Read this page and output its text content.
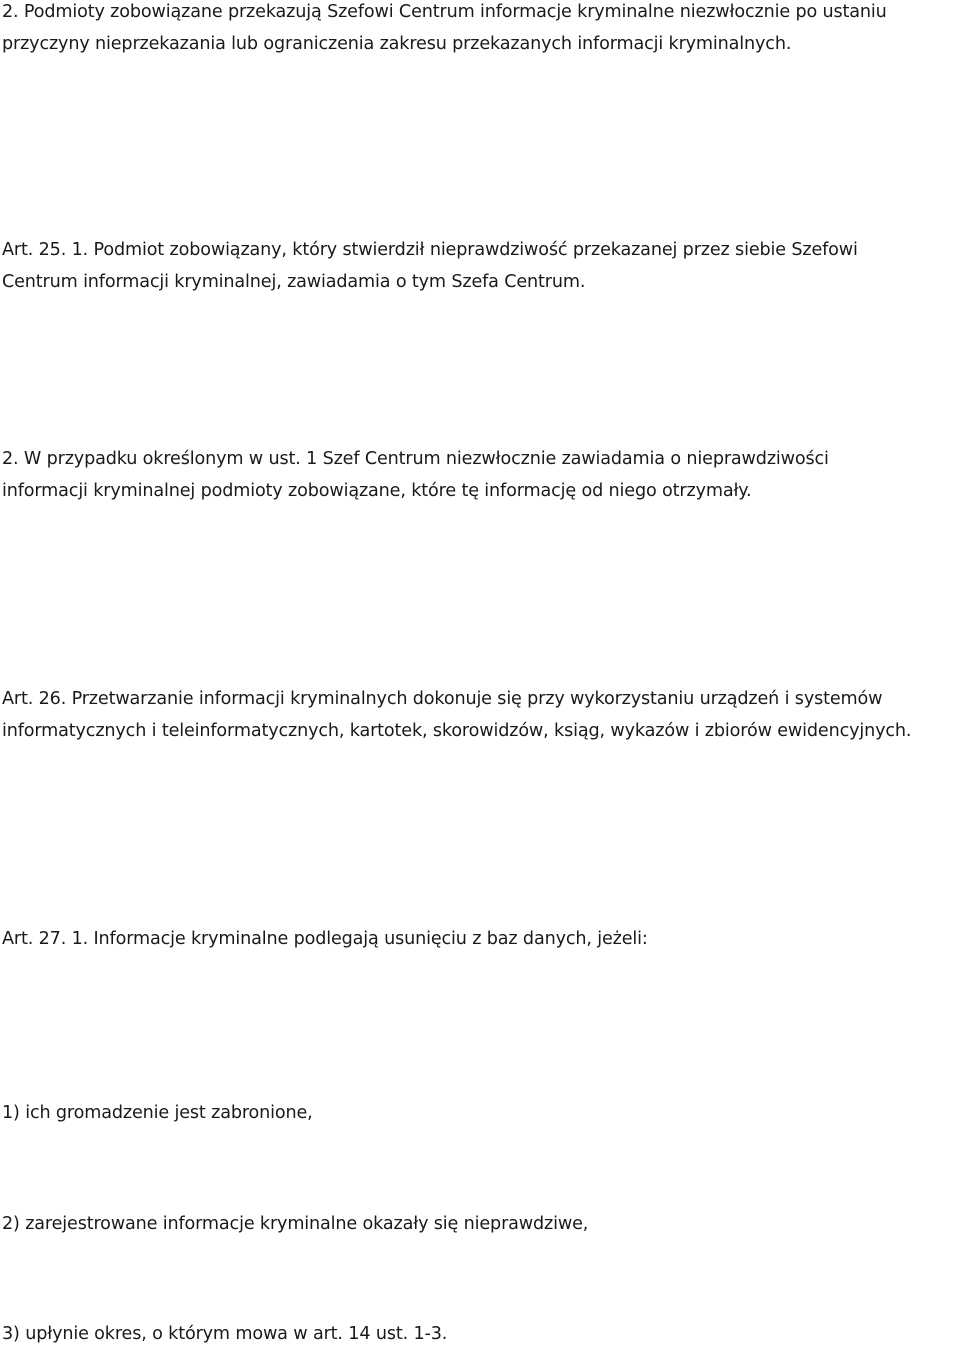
2. Podmioty zobowiązane przekazują Szefowi Centrum informacje kryminalne niezwłocznie po ustaniu
przyczyny nieprzekazania lub ograniczenia zakresu przekazanych informacji kryminalnych.

Art. 25. 1. Podmiot zobowiązany, który stwierdził nieprawdziwość przekazanej przez siebie Szefowi
Centrum informacji kryminalnej, zawiadamia o tym Szefa Centrum.

2. W przypadku określonym w ust. 1 Szef Centrum niezwłocznie zawiadamia o nieprawdziwości
informacji kryminalnej podmioty zobowiązane, które tę informację od niego otrzymały.

Art. 26. Przetwarzanie informacji kryminalnych dokonuje się przy wykorzystaniu urządzeń i systemów
informatycznych i teleinformatycznych, kartotek, skorowidzów, ksiąg, wykazów i zbiorów ewidencyjnych.

Art. 27. 1. Informacje kryminalne podlegają usunięciu z baz danych, jeżeli:

1) ich gromadzenie jest zabronione,

2) zarejestrowane informacje kryminalne okazały się nieprawdziwe,

3) upłynie okres, o którym mowa w art. 14 ust. 1-3.
